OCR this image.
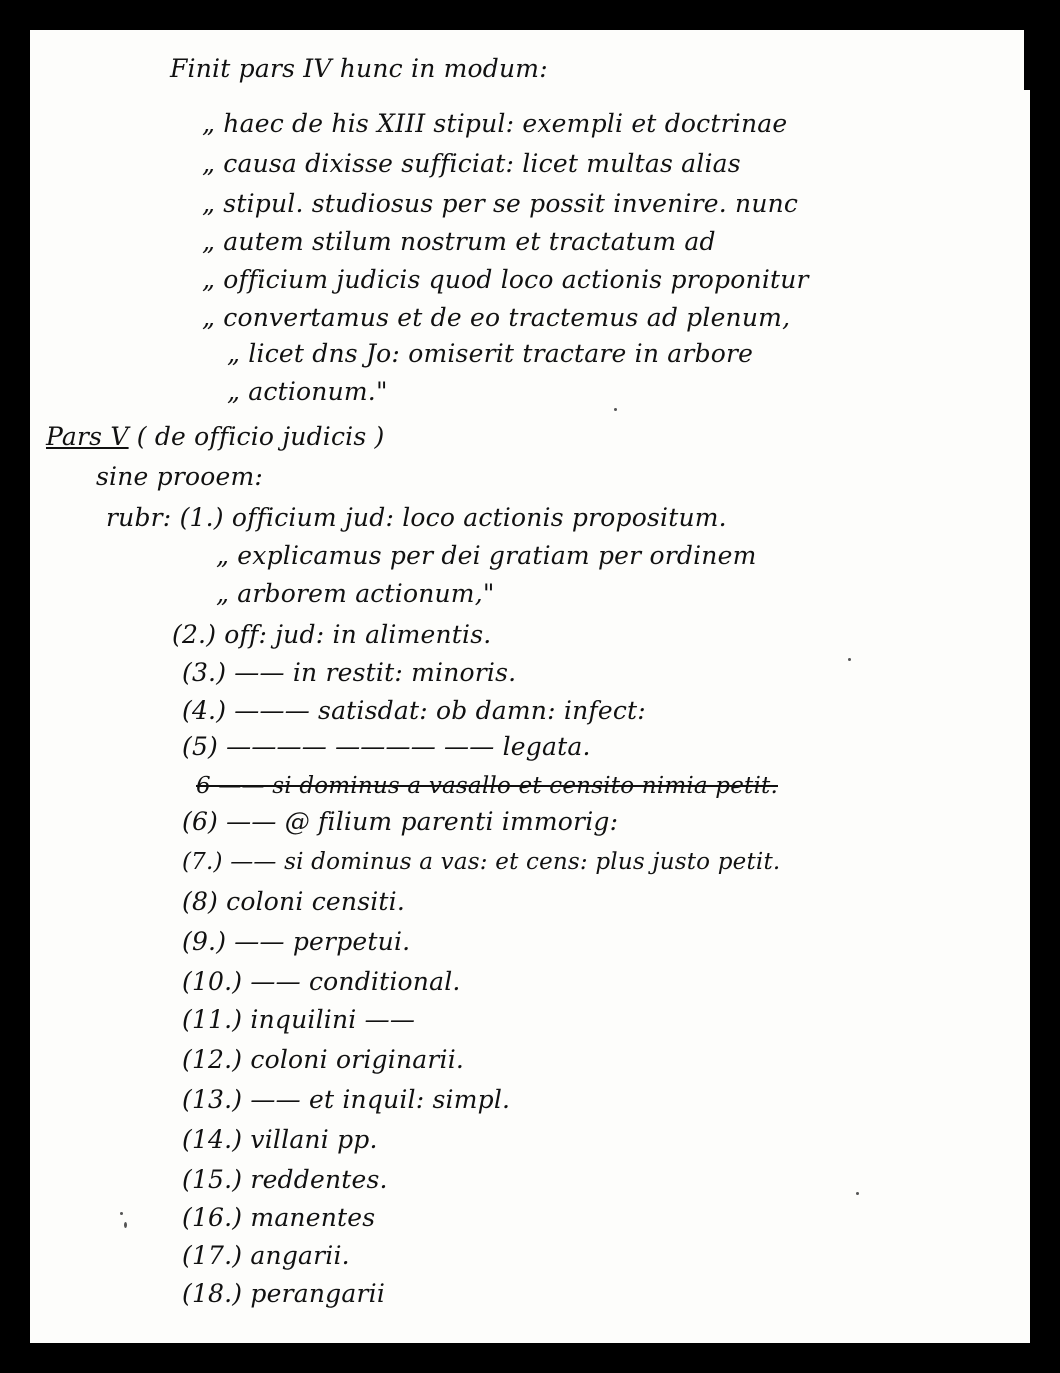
Finit pars IV hunc in modum:
„ haec de his XIII stipul: exempli et doctrinae
„ causa dixisse sufficiat: licet multas alias
„ stipul. studiosus per se possit invenire. nunc
„ autem stilum nostrum et tractatum ad
„ officium judicis quod loco actionis proponitur
„ convertamus et de eo tractemus ad plenum,
„ licet dns Jo: omiserit tractare in arbore
„ actionum."
Pars V ( de officio judicis )
sine prooem:
rubr: (1.) officium jud: loco actionis propositum.
„ explicamus per dei gratiam per ordinem
„ arborem actionum,"
(2.) off: jud: in alimentis.
(3.) —— in restit: minoris.
(4.) ——— satisdat: ob damn: infect:
(5) ———— ———— —— legata.
6 —— si dominus a vasallo et censito nimia petit.
(6) —— @ filium parenti immorig:
(7.) —— si dominus a vas: et cens: plus justo petit.
(8) coloni censiti.
(9.) —— perpetui.
(10.) —— conditional.
(11.) inquilini ——
(12.) coloni originarii.
(13.) —— et inquil: simpl.
(14.) villani pp.
(15.) reddentes.
(16.) manentes
(17.) angarii.
(18.) perangarii
